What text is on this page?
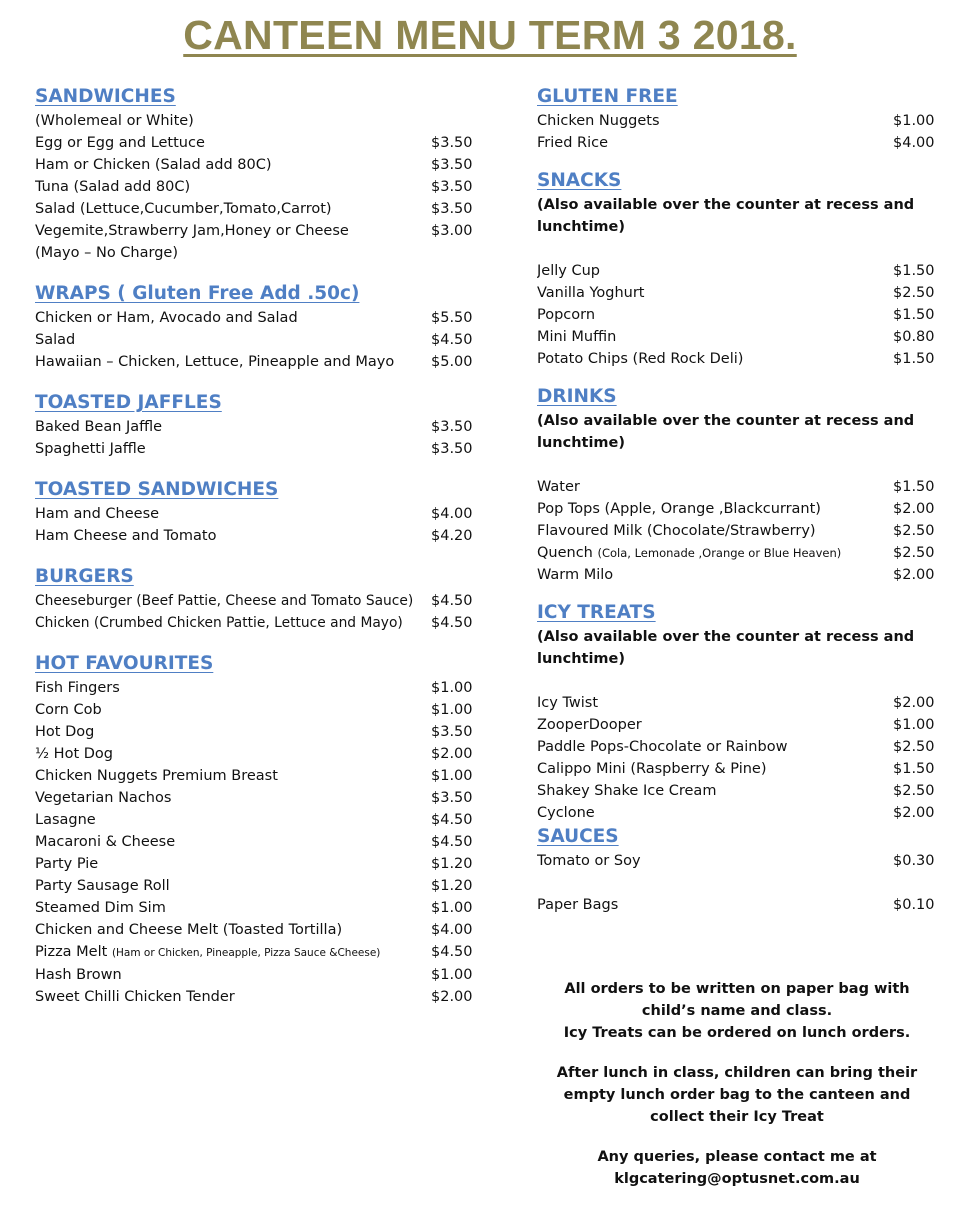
CANTEEN MENU TERM 3 2018.
SANDWICHES
(Wholemeal or White)
Egg or Egg and Lettuce	$3.50
Ham or Chicken (Salad add 80C)	$3.50
Tuna (Salad add 80C)	$3.50
Salad (Lettuce,Cucumber,Tomato,Carrot)	$3.50
Vegemite,Strawberry Jam,Honey or Cheese	$3.00
(Mayo – No Charge)
WRAPS ( Gluten Free Add .50c)
Chicken or Ham, Avocado and Salad	$5.50
Salad	$4.50
Hawaiian – Chicken, Lettuce, Pineapple and Mayo	$5.00
TOASTED JAFFLES
Baked Bean Jaffle	$3.50
Spaghetti Jaffle	$3.50
TOASTED SANDWICHES
Ham and Cheese	$4.00
Ham Cheese and Tomato	$4.20
BURGERS
Cheeseburger (Beef Pattie, Cheese and Tomato Sauce)	$4.50
Chicken (Crumbed Chicken Pattie, Lettuce and Mayo)	$4.50
HOT FAVOURITES
Fish Fingers	$1.00
Corn Cob	$1.00
Hot Dog	$3.50
½ Hot Dog	$2.00
Chicken Nuggets Premium Breast	$1.00
Vegetarian Nachos	$3.50
Lasagne	$4.50
Macaroni & Cheese	$4.50
Party Pie	$1.20
Party Sausage Roll	$1.20
Steamed Dim Sim	$1.00
Chicken and Cheese Melt (Toasted Tortilla)	$4.00
Pizza Melt (Ham or Chicken, Pineapple, Pizza Sauce &Cheese)	$4.50
Hash Brown	$1.00
Sweet Chilli Chicken Tender	$2.00
GLUTEN FREE
Chicken Nuggets	$1.00
Fried Rice	$4.00
SNACKS
(Also available over the counter at recess and lunchtime)
Jelly Cup	$1.50
Vanilla Yoghurt	$2.50
Popcorn	$1.50
Mini Muffin	$0.80
Potato Chips (Red Rock Deli)	$1.50
DRINKS
(Also available over the counter at recess and lunchtime)
Water	$1.50
Pop Tops (Apple, Orange ,Blackcurrant)	$2.00
Flavoured Milk (Chocolate/Strawberry)	$2.50
Quench (Cola, Lemonade ,Orange or Blue Heaven)	$2.50
Warm Milo	$2.00
ICY TREATS
(Also available over the counter at recess and lunchtime)
Icy Twist	$2.00
ZooperDooper	$1.00
Paddle Pops-Chocolate or Rainbow	$2.50
Calippo Mini (Raspberry & Pine)	$1.50
Shakey Shake Ice Cream	$2.50
Cyclone	$2.00
SAUCES
Tomato or Soy	$0.30
Paper Bags	$0.10

All orders to be written on paper bag with child’s name and class.
Icy Treats can be ordered on lunch orders.

After lunch in class, children can bring their empty lunch order bag to the canteen and collect their Icy Treat

Any queries, please contact me at klgcatering@optusnet.com.au
